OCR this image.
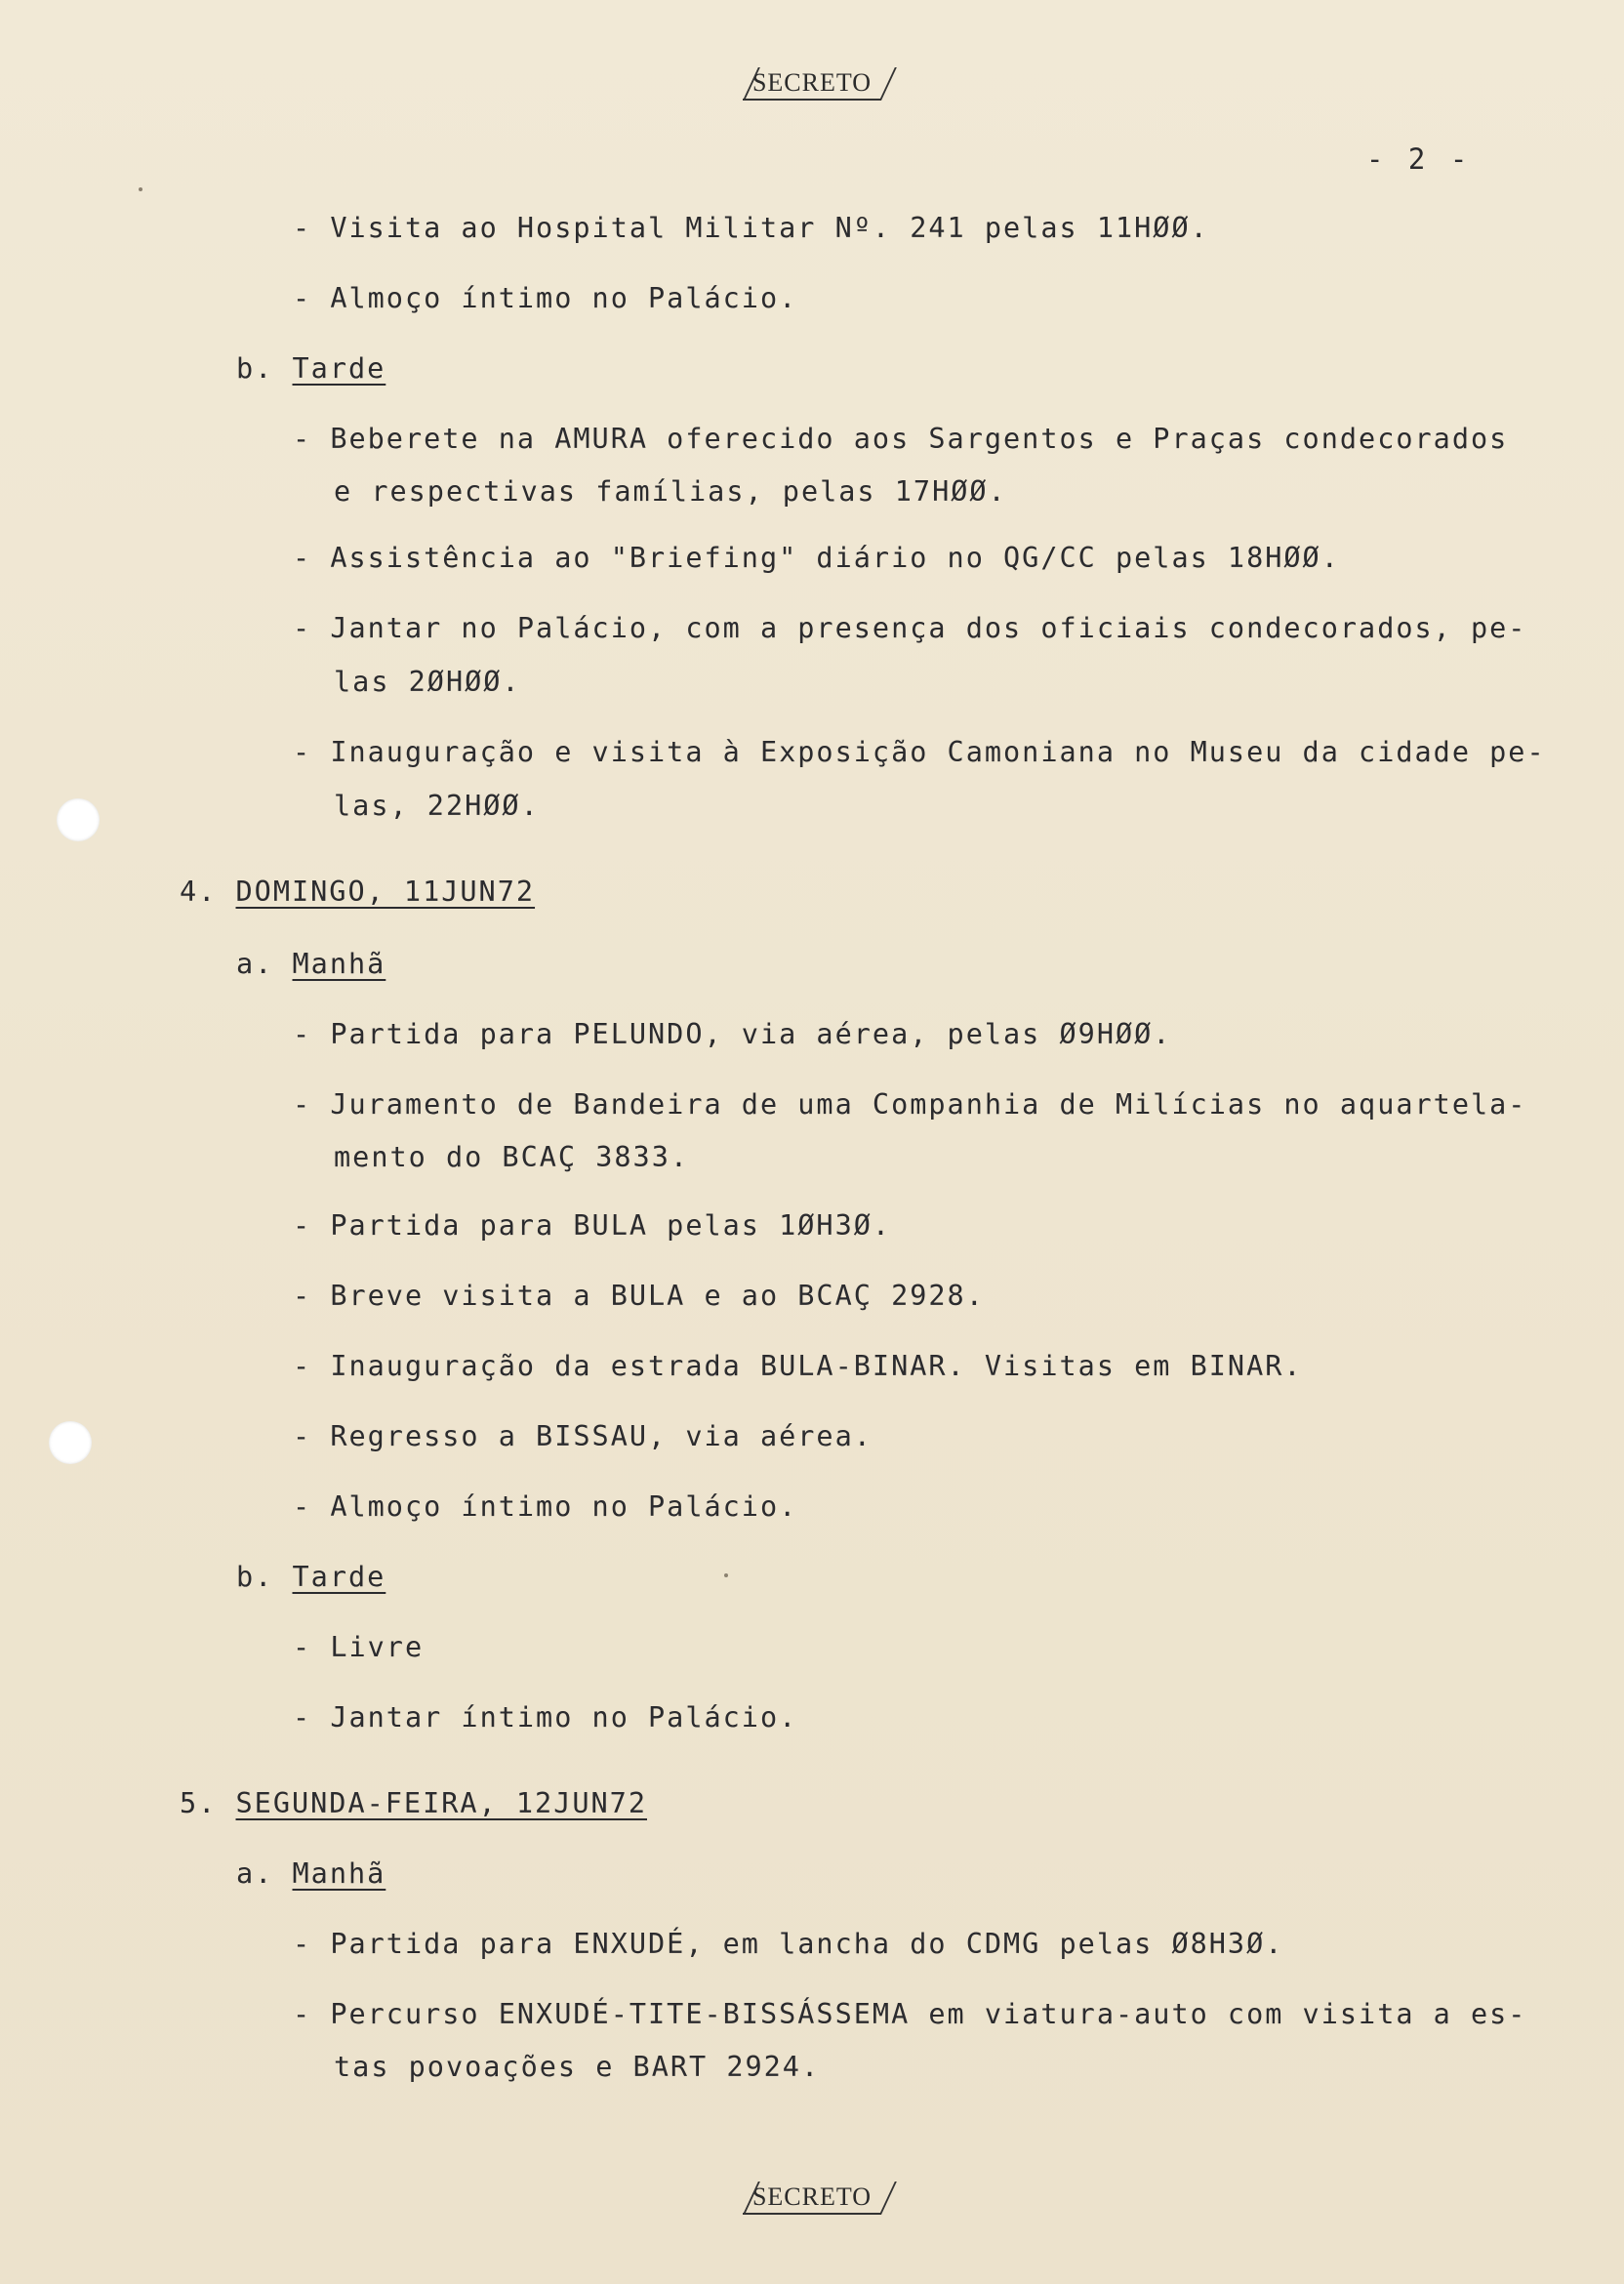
SECRETO
- 2 -
- Visita ao Hospital Militar Nº. 241 pelas 11HØØ.
- Almoço íntimo no Palácio.
b. Tarde
- Beberete na AMURA oferecido aos Sargentos e Praças condecorados
e respectivas famílias, pelas 17HØØ.
- Assistência ao "Briefing" diário no QG/CC pelas 18HØØ.
- Jantar no Palácio, com a presença dos oficiais condecorados, pe-
las 2ØHØØ.
- Inauguração e visita à Exposição Camoniana no Museu da cidade pe-
las, 22HØØ.
4. DOMINGO, 11JUN72
a. Manhã
- Partida para PELUNDO, via aérea, pelas Ø9HØØ.
- Juramento de Bandeira de uma Companhia de Milícias no aquartela-
mento do BCAÇ 3833.
- Partida para BULA pelas 1ØH3Ø.
- Breve visita a BULA e ao BCAÇ 2928.
- Inauguração da estrada BULA-BINAR. Visitas em BINAR.
- Regresso a BISSAU, via aérea.
- Almoço íntimo no Palácio.
b. Tarde
- Livre
- Jantar íntimo no Palácio.
5. SEGUNDA-FEIRA, 12JUN72
a. Manhã
- Partida para ENXUDÉ, em lancha do CDMG pelas Ø8H3Ø.
- Percurso ENXUDÉ-TITE-BISSÁSSEMA em viatura-auto com visita a es-
tas povoações e BART 2924.
SECRETO
